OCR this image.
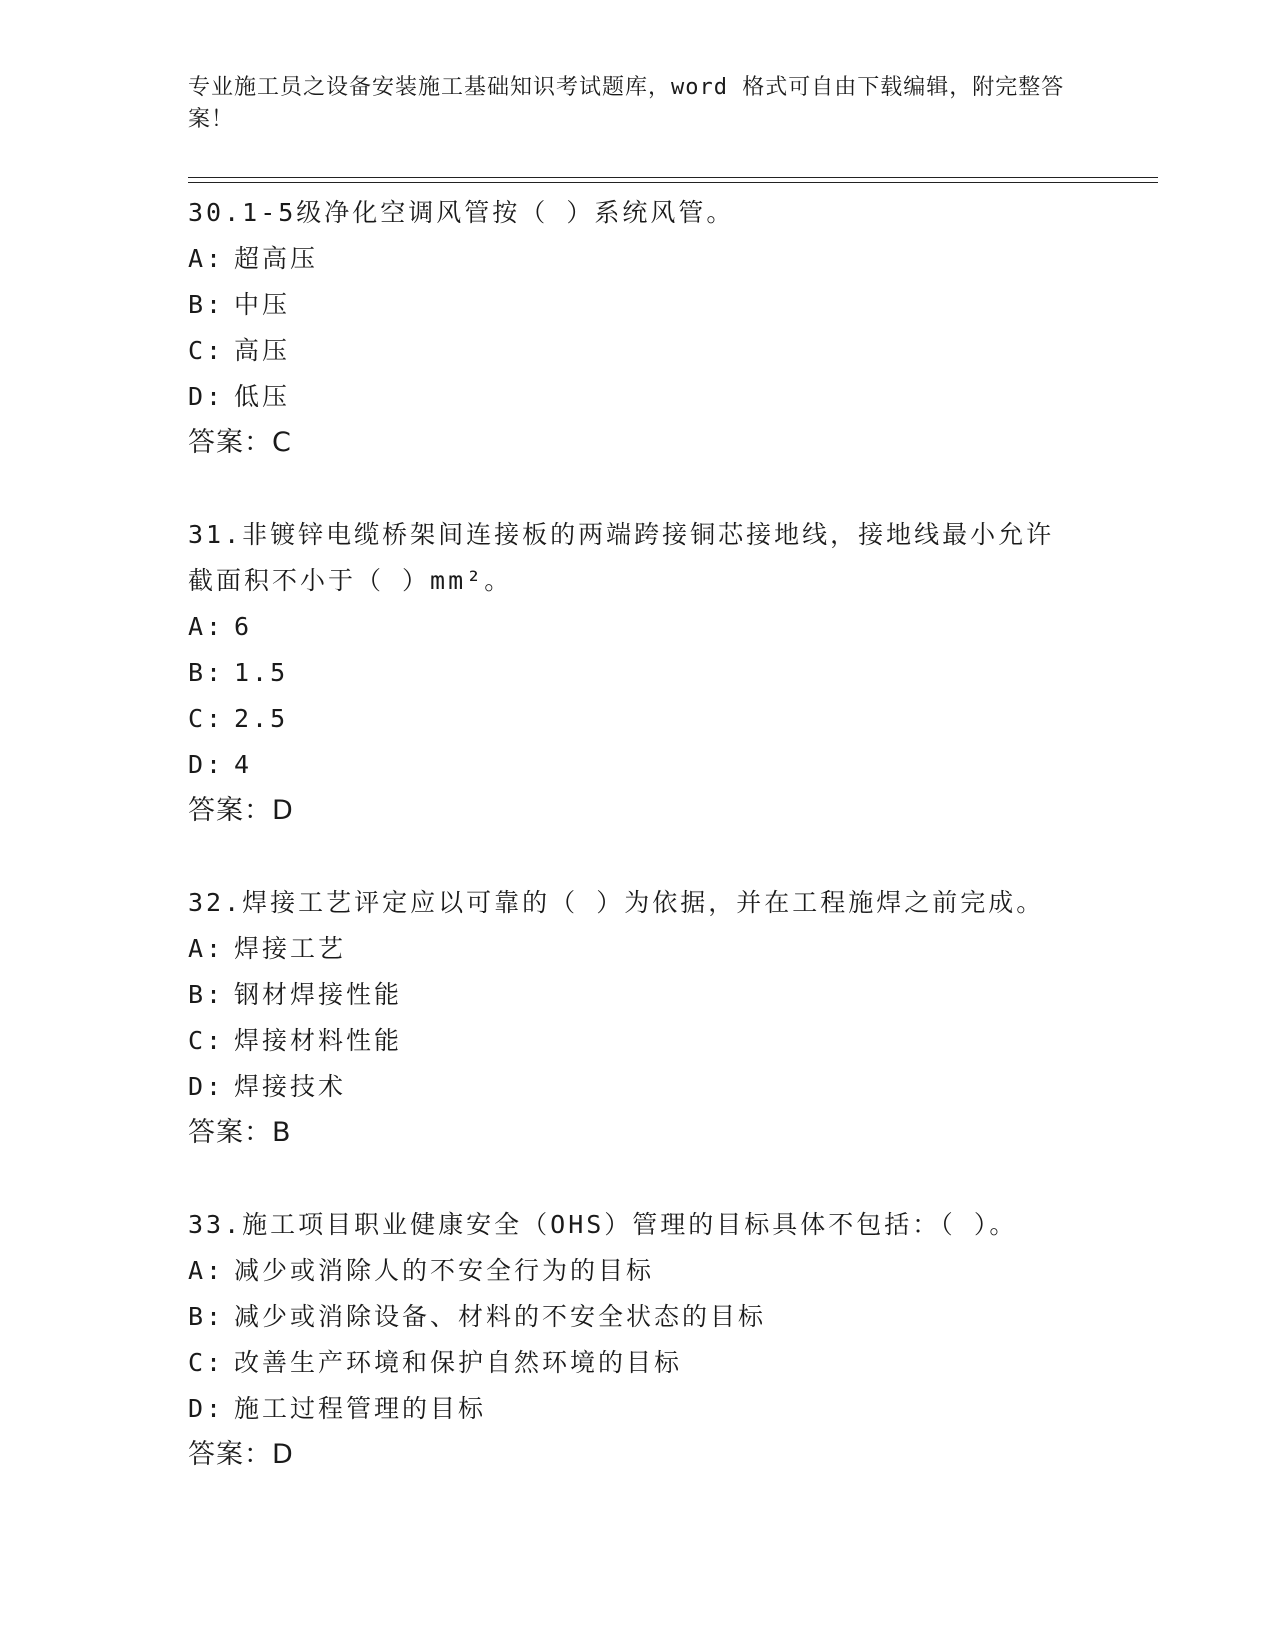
专业施工员之设备安装施工基础知识考试题库，word 格式可自由下载编辑，附完整答案！

30.1-5级净化空调风管按（ ）系统风管。

A: 超高压

B: 中压

C: 高压

D: 低压

答案：C

31.非镀锌电缆桥架间连接板的两端跨接铜芯接地线，接地线最小允许截面积不小于（ ）mm²。

A: 6

B: 1.5

C: 2.5

D: 4

答案：D

32.焊接工艺评定应以可靠的（ ）为依据，并在工程施焊之前完成。

A: 焊接工艺

B: 钢材焊接性能

C: 焊接材料性能

D: 焊接技术

答案：B

33.施工项目职业健康安全（OHS）管理的目标具体不包括：（ ）。

A: 减少或消除人的不安全行为的目标

B: 减少或消除设备、材料的不安全状态的目标

C: 改善生产环境和保护自然环境的目标

D: 施工过程管理的目标

答案：D
